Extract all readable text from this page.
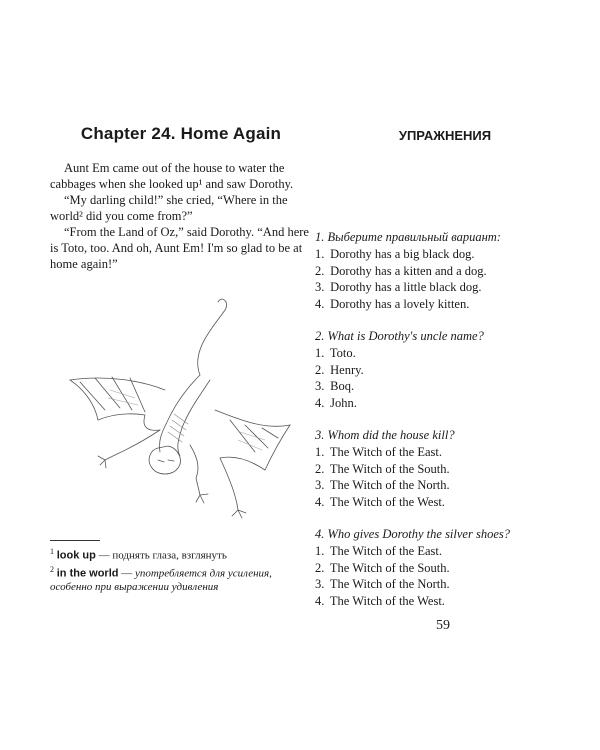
Chapter 24. Home Again

Aunt Em came out of the house to water the cabbages when she looked up¹ and saw Dorothy.

“My darling child!” she cried, “Where in the world² did you come from?”

“From the Land of Oz,” said Dorothy. “And here is Toto, too. And oh, Aunt Em! I'm so glad to be at home again!”

$^1$ look up — поднять глаза, взглянуть

$^2$ in the world — употребляется для усиления, особенно при выражении удивления

УПРАЖНЕНИЯ

1. Выберите правильный вариант:

1. Dorothy has a big black dog.
2. Dorothy has a kitten and a dog.
3. Dorothy has a little black dog.
4. Dorothy has a lovely kitten.

2. What is Dorothy's uncle name?

1. Toto.
2. Henry.
3. Boq.
4. John.

3. Whom did the house kill?

1. The Witch of the East.
2. The Witch of the South.
3. The Witch of the North.
4. The Witch of the West.

4. Who gives Dorothy the silver shoes?

1. The Witch of the East.
2. The Witch of the South.
3. The Witch of the North.
4. The Witch of the West.
59
